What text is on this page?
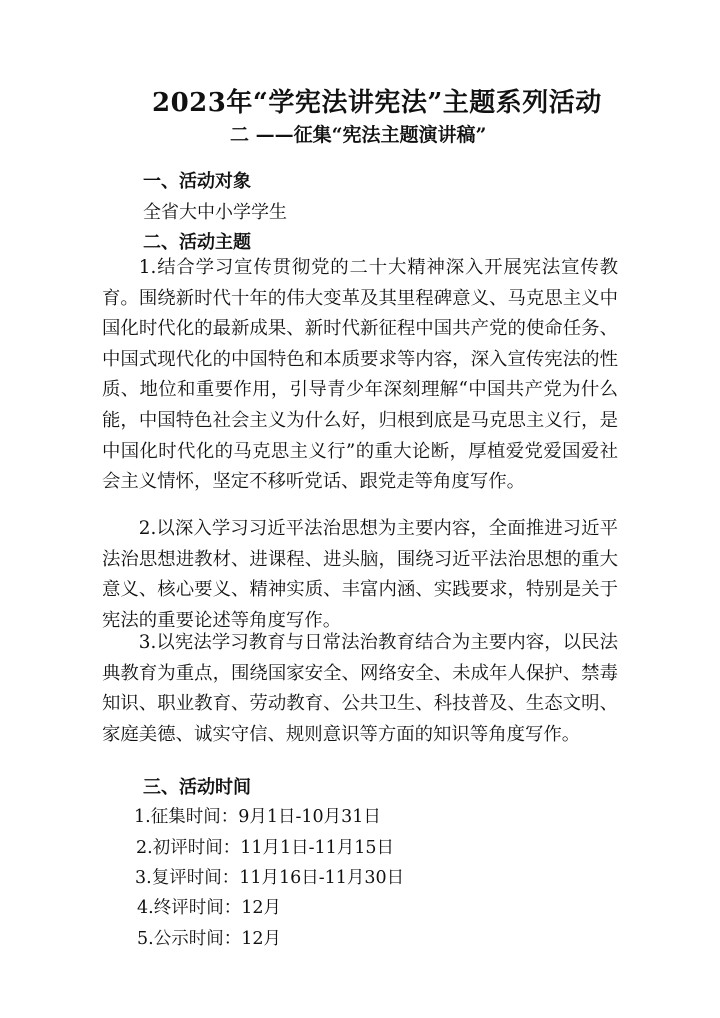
2023年“学宪法讲宪法”主题系列活动
二 ——征集“宪法主题演讲稿”
一、活动对象
全省大中小学学生
二、活动主题

1.结合学习宣传贯彻党的二十大精神深入开展宪法宣传教育。围绕新时代十年的伟大变革及其里程碑意义、马克思主义中国化时代化的最新成果、新时代新征程中国共产党的使命任务、中国式现代化的中国特色和本质要求等内容，深入宣传宪法的性质、地位和重要作用，引导青少年深刻理解“中国共产党为什么能，中国特色社会主义为什么好，归根到底是马克思主义行，是中国化时代化的马克思主义行”的重大论断，厚植爱党爱国爱社会主义情怀，坚定不移听党话、跟党走等角度写作。

2.以深入学习习近平法治思想为主要内容，全面推进习近平法治思想进教材、进课程、进头脑，围绕习近平法治思想的重大意义、核心要义、精神实质、丰富内涵、实践要求，特别是关于宪法的重要论述等角度写作。

3.以宪法学习教育与日常法治教育结合为主要内容，以民法典教育为重点，围绕国家安全、网络安全、未成年人保护、禁毒知识、职业教育、劳动教育、公共卫生、科技普及、生态文明、家庭美德、诚实守信、规则意识等方面的知识等角度写作。

三、活动时间
1.征集时间：9月1日-10月31日
2.初评时间：11月1日-11月15日
3.复评时间：11月16日-11月30日
4.终评时间：12月
5.公示时间：12月
